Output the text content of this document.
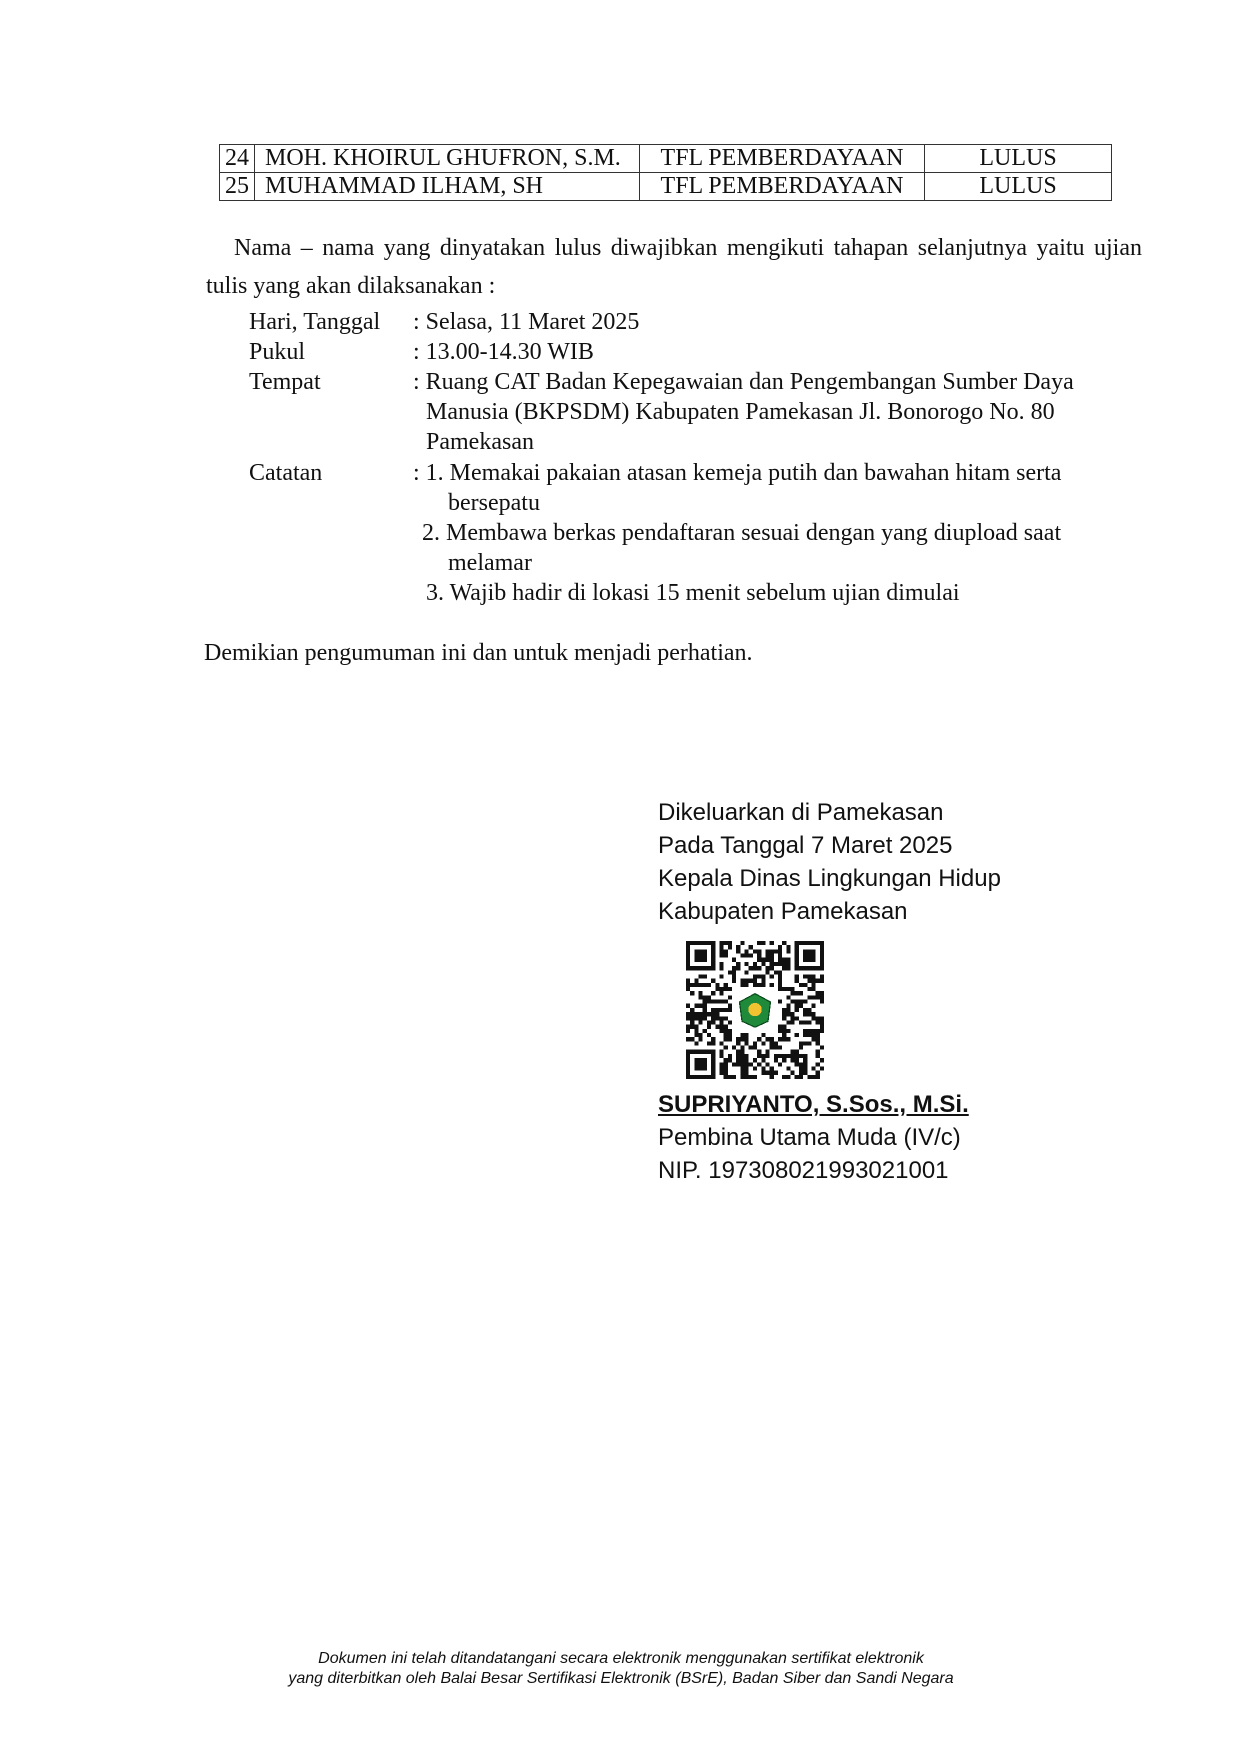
24	MOH. KHOIRUL GHUFRON, S.M.	TFL PEMBERDAYAAN	LULUS
25	MUHAMMAD ILHAM, SH	TFL PEMBERDAYAAN	LULUS
Nama – nama yang dinyatakan lulus diwajibkan mengikuti tahapan selanjutnya yaitu ujian
tulis yang akan dilaksanakan :
Hari, Tanggal : Selasa, 11 Maret 2025
Pukul	: 13.00-14.30 WIB
Tempat	: Ruang CAT Badan Kepegawaian dan Pengembangan Sumber Daya
Manusia (BKPSDM) Kabupaten Pamekasan Jl. Bonorogo No. 80
Pamekasan
Catatan	: 1. Memakai pakaian atasan kemeja putih dan bawahan hitam serta
bersepatu
2. Membawa berkas pendaftaran sesuai dengan yang diupload saat
melamar
3. Wajib hadir di lokasi 15 menit sebelum ujian dimulai
Demikian pengumuman ini dan untuk menjadi perhatian.
Dikeluarkan di Pamekasan
Pada Tanggal 7 Maret 2025
Kepala Dinas Lingkungan Hidup
Kabupaten Pamekasan
SUPRIYANTO, S.Sos., M.Si.
Pembina Utama Muda (IV/c)
NIP. 197308021993021001
Dokumen ini telah ditandatangani secara elektronik menggunakan sertifikat elektronik
yang diterbitkan oleh Balai Besar Sertifikasi Elektronik (BSrE), Badan Siber dan Sandi Negara
